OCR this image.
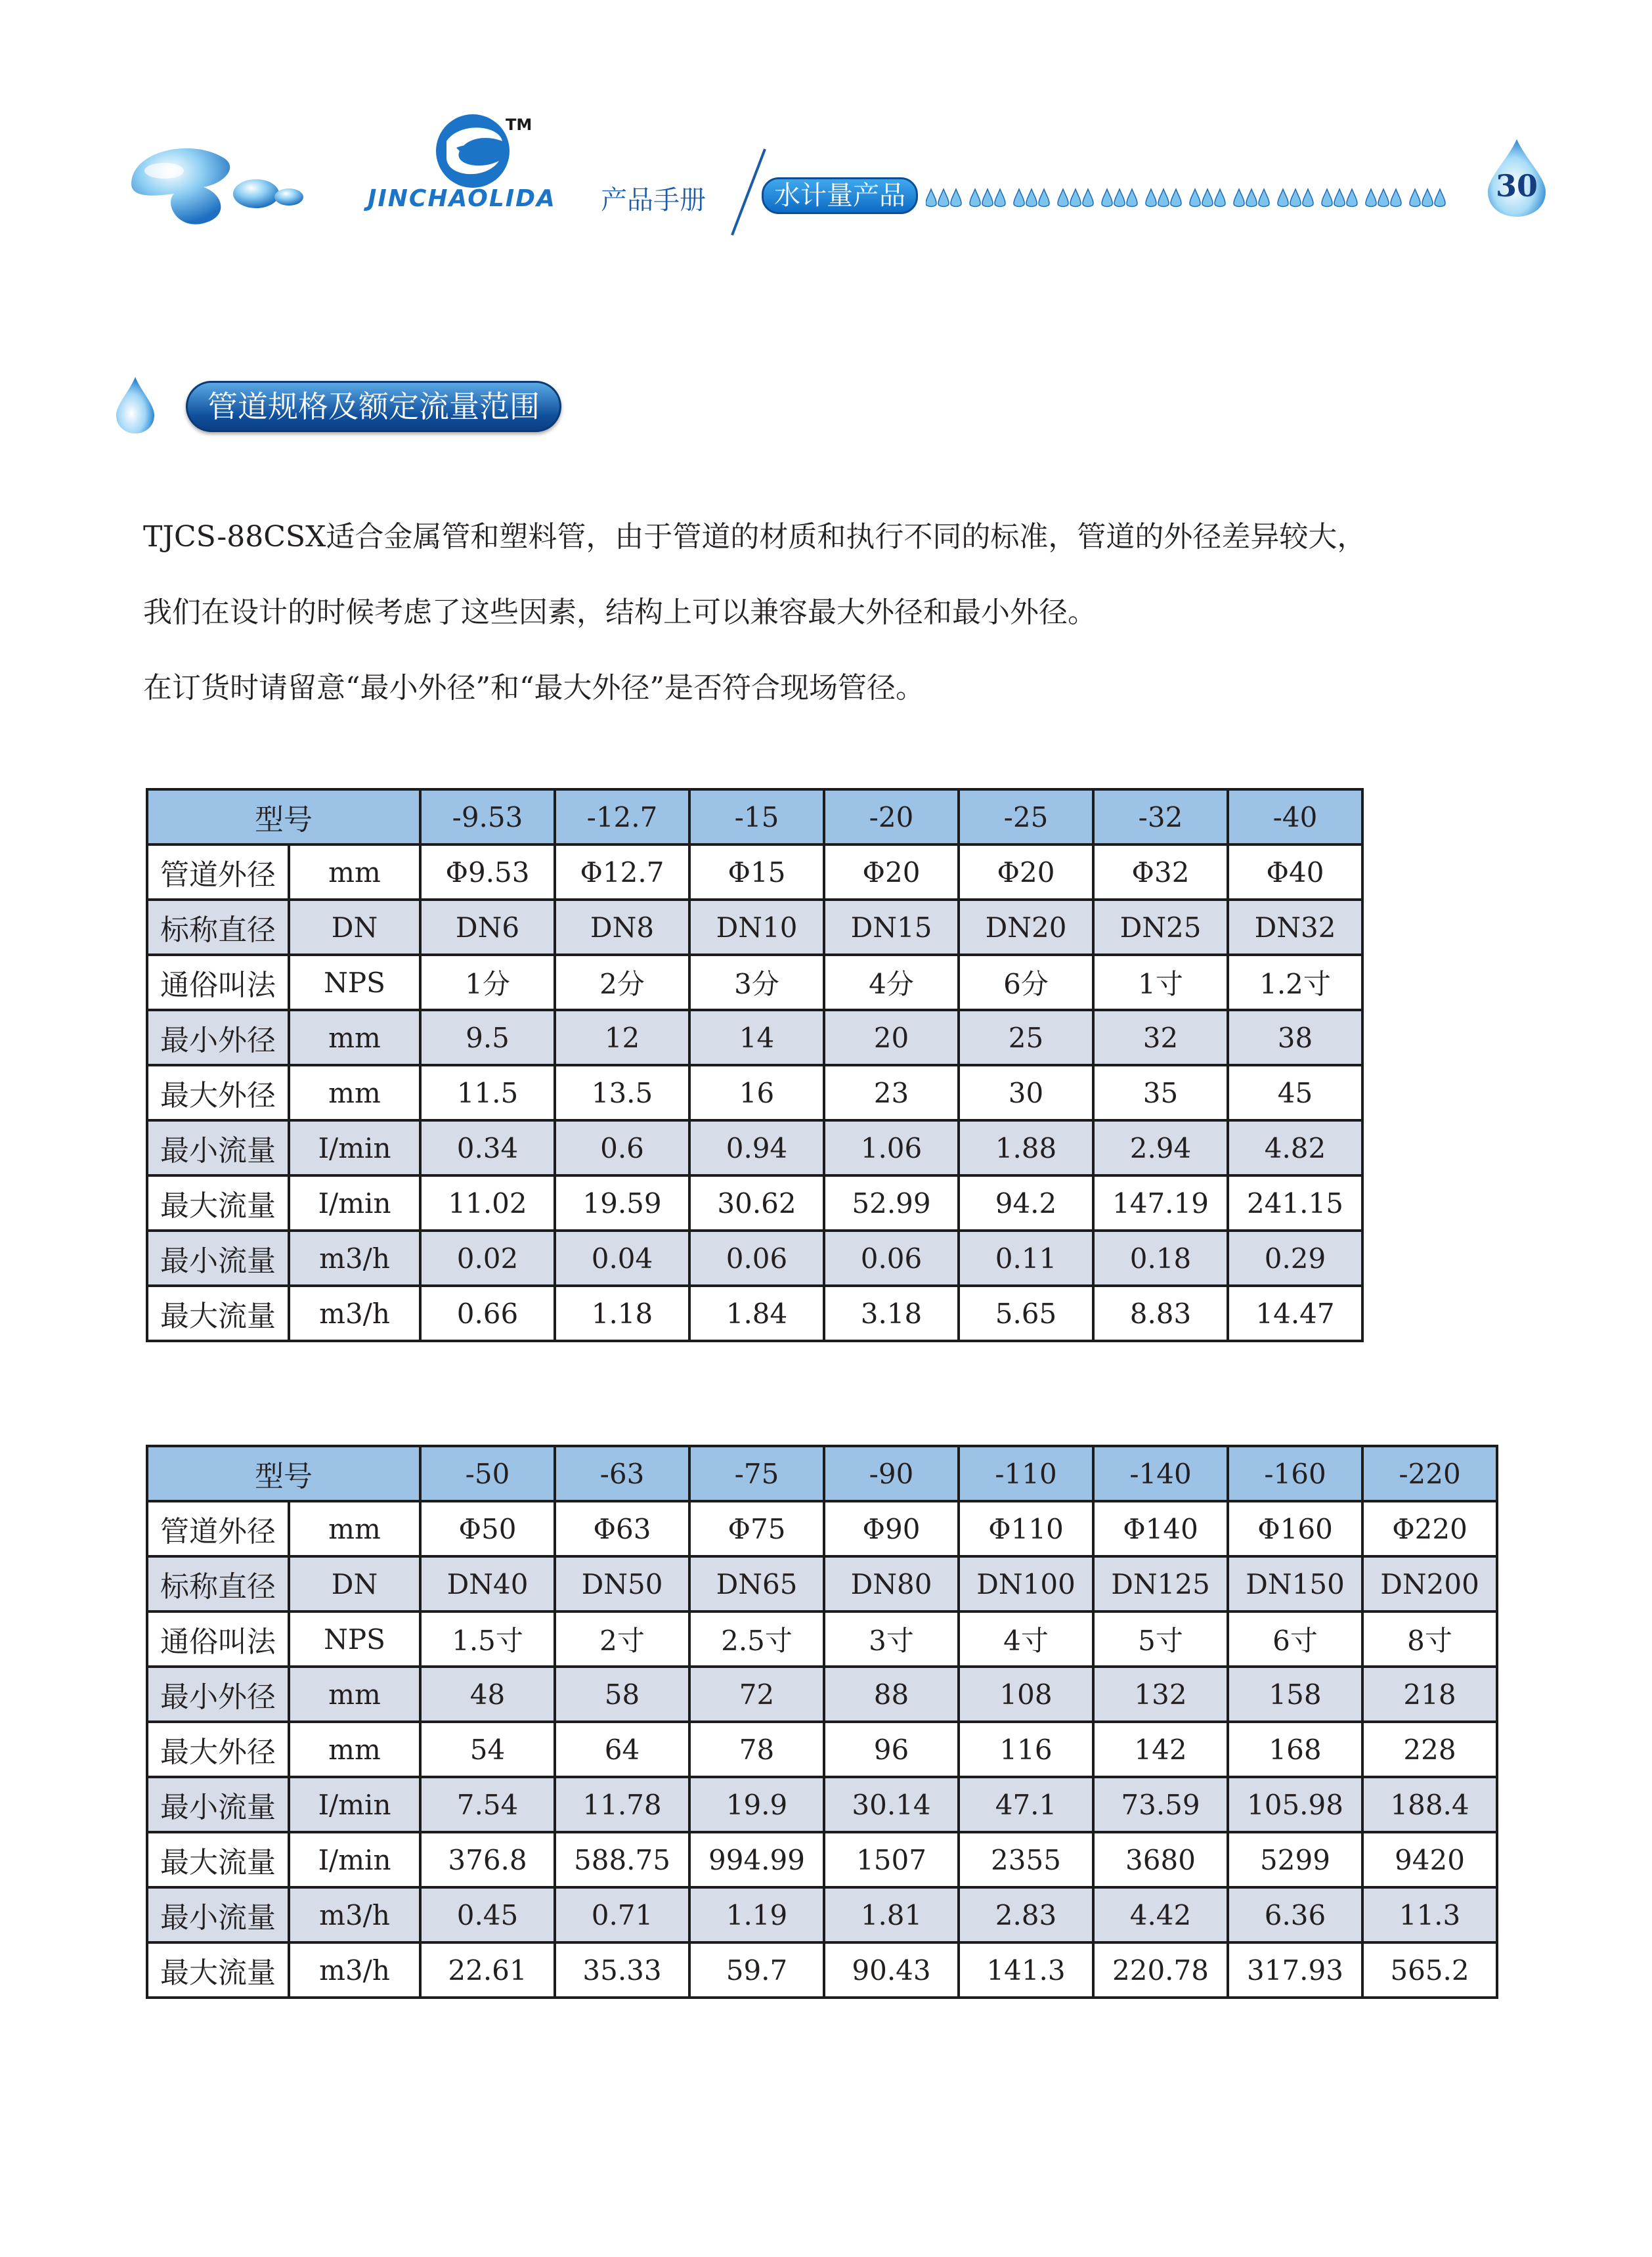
TM
JINCHAOLIDA 产品手册	水计量产品	30
管道规格及额定流量范围

TJCS-88CSX适合金属管和塑料管，由于管道的材质和执行不同的标准，管道的外径差异较大，

我们在设计的时候考虑了这些因素，结构上可以兼容最大外径和最小外径。

在订货时请留意“最小外径”和“最大外径”是否符合现场管径。

型号		-9.53	-12.7	-15	-20	-25	-32	-40
管道外径	mm	Φ9.53	Φ12.7	Φ15	Φ20	Φ20	Φ32	Φ40
标称直径	DN	DN6	DN8	DN10	DN15	DN20	DN25	DN32
通俗叫法	NPS	1分	2分	3分	4分	6分	1寸	1.2寸
最小外径	mm	9.5	12	14	20	25	32	38
最大外径	mm	11.5	13.5	16	23	30	35	45
最小流量	I/min	0.34	0.6	0.94	1.06	1.88	2.94	4.82
最大流量	I/min	11.02	19.59	30.62	52.99	94.2	147.19	241.15
最小流量	m3/h	0.02	0.04	0.06	0.06	0.11	0.18	0.29
最大流量	m3/h	0.66	1.18	1.84	3.18	5.65	8.83	14.47
型号		-50	-63	-75	-90	-110	-140	-160	-220
管道外径	mm	Φ50	Φ63	Φ75	Φ90	Φ110	Φ140	Φ160	Φ220
标称直径	DN	DN40	DN50	DN65	DN80	DN100	DN125	DN150	DN200
通俗叫法	NPS	1.5寸	2寸	2.5寸	3寸	4寸	5寸	6寸	8寸
最小外径	mm	48	58	72	88	108	132	158	218
最大外径	mm	54	64	78	96	116	142	168	228
最小流量	I/min	7.54	11.78	19.9	30.14	47.1	73.59	105.98	188.4
最大流量	I/min	376.8	588.75	994.99	1507	2355	3680	5299	9420
最小流量	m3/h	0.45	0.71	1.19	1.81	2.83	4.42	6.36	11.3
最大流量	m3/h	22.61	35.33	59.7	90.43	141.3	220.78	317.93	565.2
